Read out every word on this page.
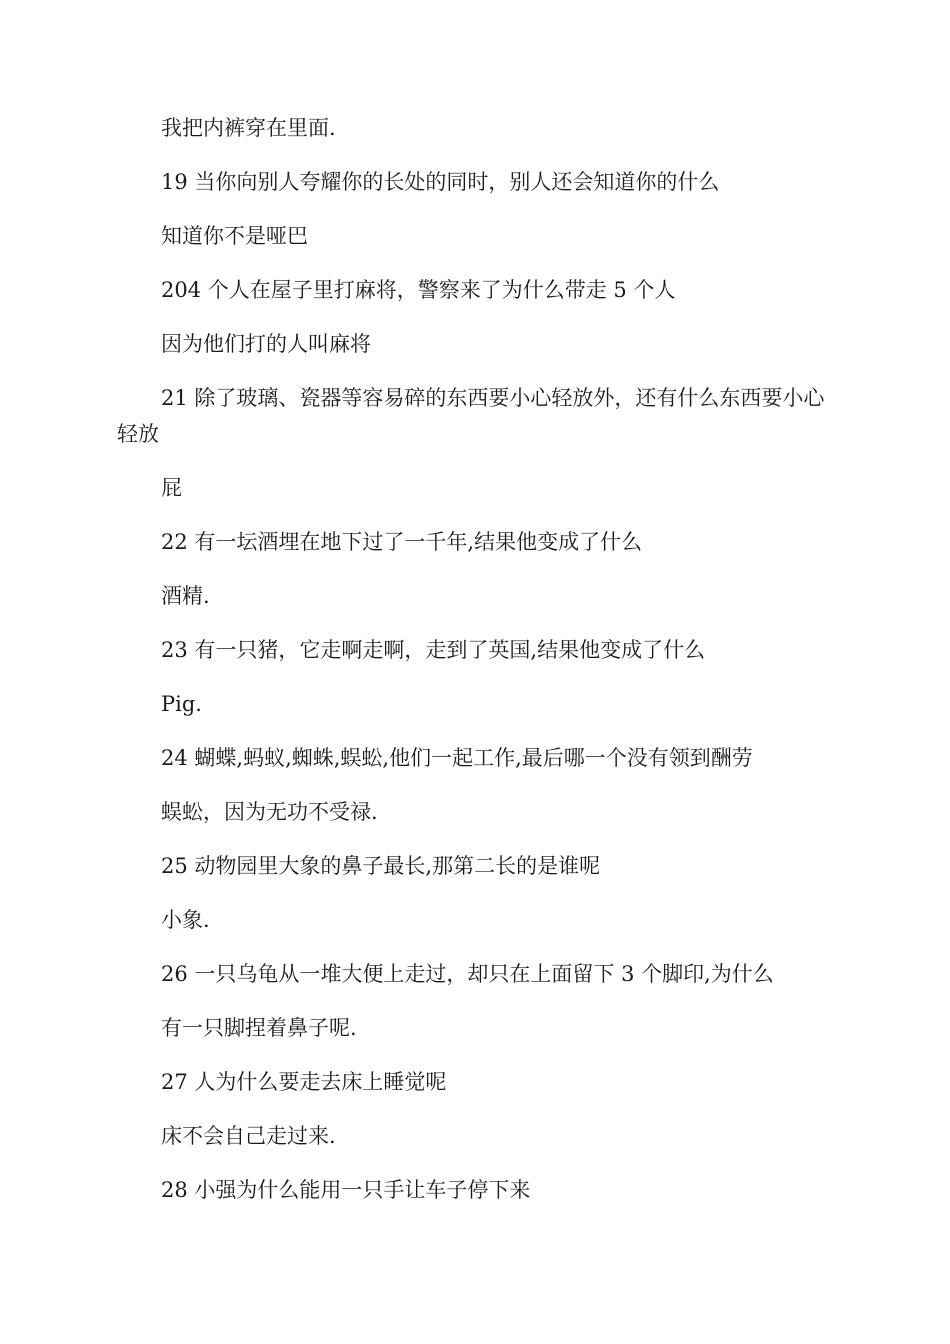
我把内裤穿在里面.

19 当你向别人夸耀你的长处的同时，别人还会知道你的什么

知道你不是哑巴

204 个人在屋子里打麻将，警察来了为什么带走 5 个人

因为他们打的人叫麻将

21 除了玻璃、瓷器等容易碎的东西要小心轻放外，还有什么东西要小心轻放

屁

22 有一坛酒埋在地下过了一千年,结果他变成了什么

酒精.

23 有一只猪，它走啊走啊，走到了英国,结果他变成了什么

Pig.

24 蝴蝶,蚂蚁,蜘蛛,蜈蚣,他们一起工作,最后哪一个没有领到酬劳

蜈蚣，因为无功不受禄.

25 动物园里大象的鼻子最长,那第二长的是谁呢

小象.

26 一只乌龟从一堆大便上走过，却只在上面留下 3 个脚印,为什么

有一只脚捏着鼻子呢.

27 人为什么要走去床上睡觉呢

床不会自己走过来.

28 小强为什么能用一只手让车子停下来
